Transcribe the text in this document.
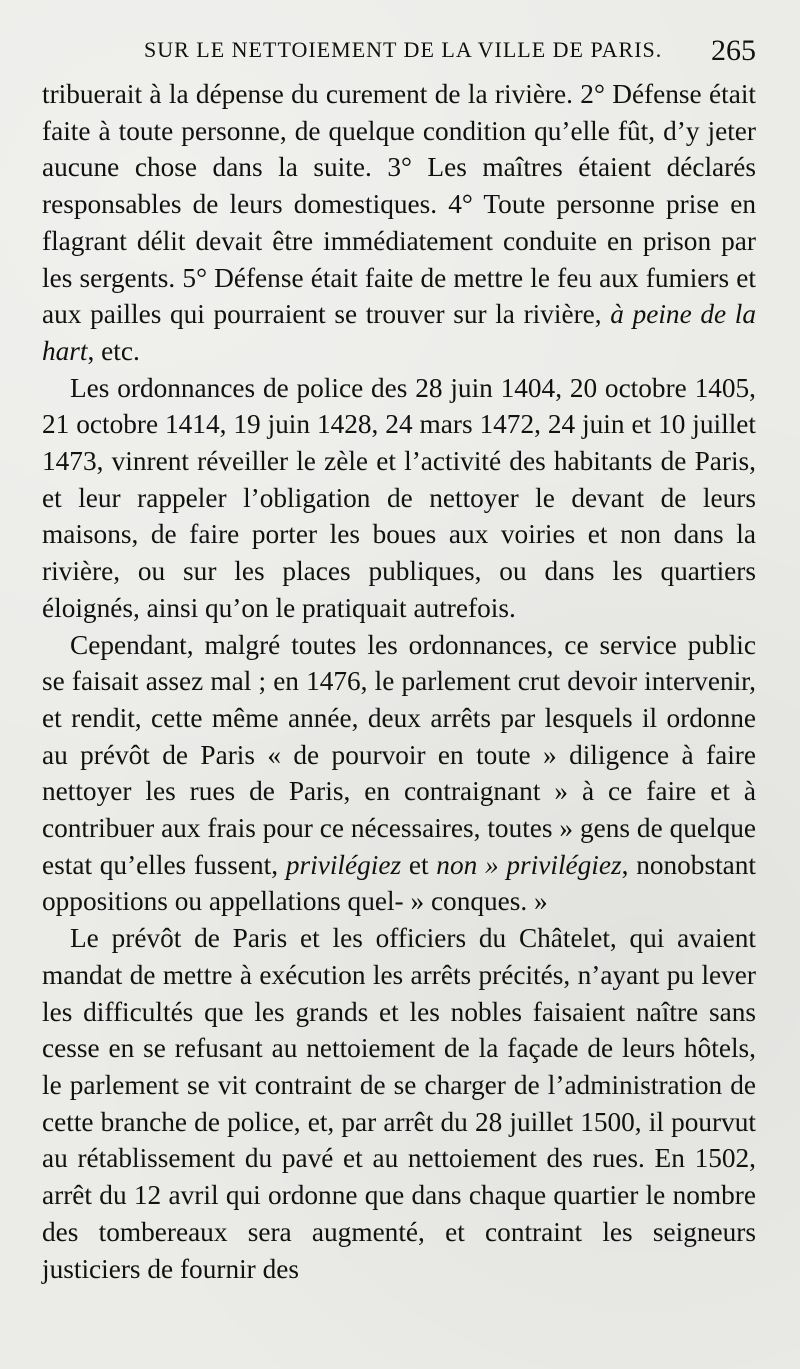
SUR LE NETTOIEMENT DE LA VILLE DE PARIS. 265

tribuerait à la dépense du curement de la rivière. 2° Défense était faite à toute personne, de quelque condition qu’elle fût, d’y jeter aucune chose dans la suite. 3° Les maîtres étaient déclarés responsables de leurs domestiques. 4° Toute personne prise en flagrant délit devait être immédiatement conduite en prison par les sergents. 5° Défense était faite de mettre le feu aux fumiers et aux pailles qui pourraient se trouver sur la rivière, à peine de la hart, etc.

Les ordonnances de police des 28 juin 1404, 20 octobre 1405, 21 octobre 1414, 19 juin 1428, 24 mars 1472, 24 juin et 10 juillet 1473, vinrent réveiller le zèle et l’activité des habitants de Paris, et leur rappeler l’obligation de nettoyer le devant de leurs maisons, de faire porter les boues aux voiries et non dans la rivière, ou sur les places publiques, ou dans les quartiers éloignés, ainsi qu’on le pratiquait autrefois.

Cependant, malgré toutes les ordonnances, ce service public se faisait assez mal ; en 1476, le parlement crut devoir intervenir, et rendit, cette même année, deux arrêts par lesquels il ordonne au prévôt de Paris « de pourvoir en toute » diligence à faire nettoyer les rues de Paris, en contraignant » à ce faire et à contribuer aux frais pour ce nécessaires, toutes » gens de quelque estat qu’elles fussent, privilégiez et non » privilégiez, nonobstant oppositions ou appellations quel- » conques. »

Le prévôt de Paris et les officiers du Châtelet, qui avaient mandat de mettre à exécution les arrêts précités, n’ayant pu lever les difficultés que les grands et les nobles faisaient naître sans cesse en se refusant au nettoiement de la façade de leurs hôtels, le parlement se vit contraint de se charger de l’administration de cette branche de police, et, par arrêt du 28 juillet 1500, il pourvut au rétablissement du pavé et au nettoiement des rues. En 1502, arrêt du 12 avril qui ordonne que dans chaque quartier le nombre des tombereaux sera augmenté, et contraint les seigneurs justiciers de fournir des
